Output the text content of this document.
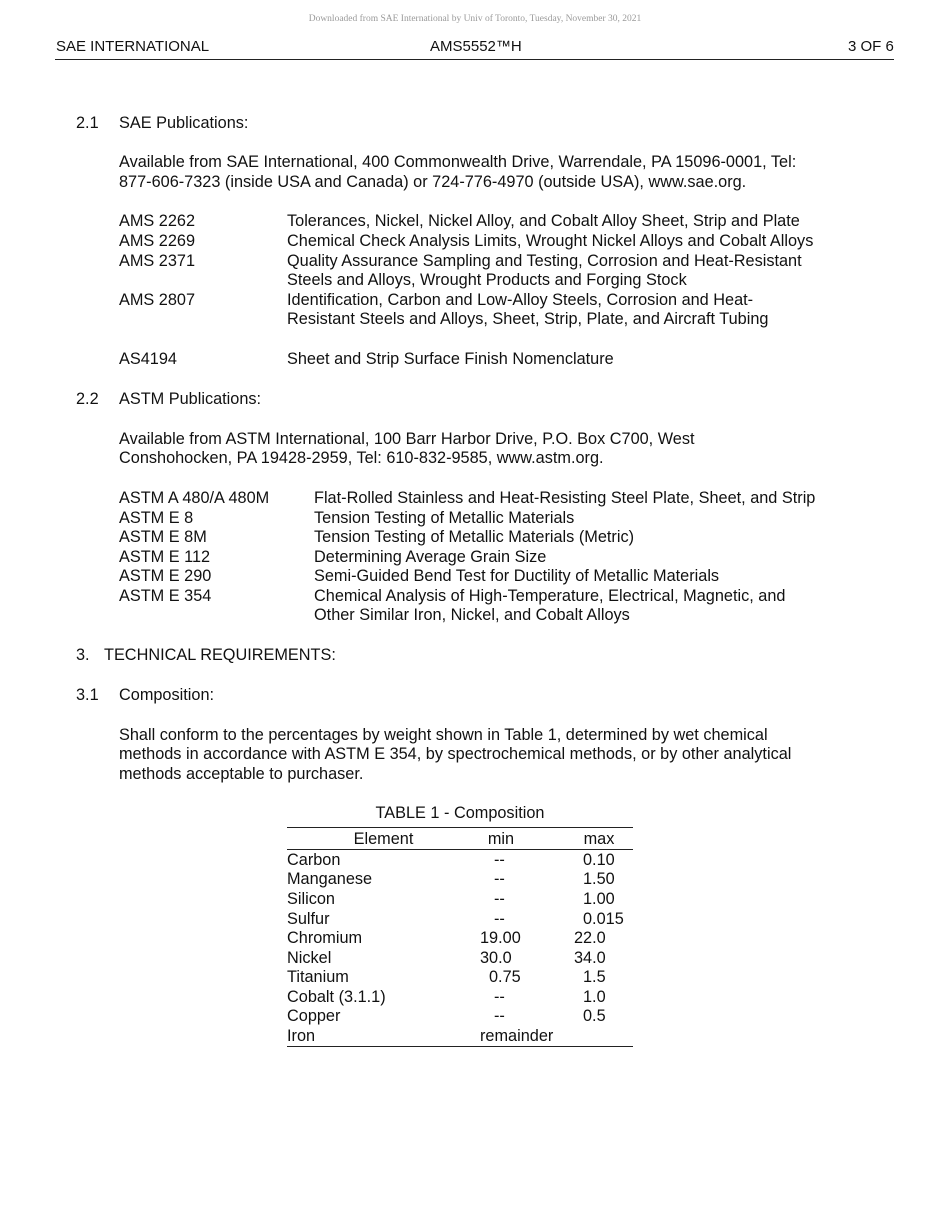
Downloaded from SAE International by Univ of Toronto, Tuesday, November 30, 2021
SAE INTERNATIONAL	AMS5552™H	3 OF 6
2.1 SAE Publications:
Available from SAE International, 400 Commonwealth Drive, Warrendale, PA 15096-0001, Tel:
877-606-7323 (inside USA and Canada) or 724-776-4970 (outside USA), www.sae.org.
AMS 2262	Tolerances, Nickel, Nickel Alloy, and Cobalt Alloy Sheet, Strip and Plate
AMS 2269	Chemical Check Analysis Limits, Wrought Nickel Alloys and Cobalt Alloys
AMS 2371	Quality Assurance Sampling and Testing, Corrosion and Heat-Resistant
Steels and Alloys, Wrought Products and Forging Stock
AMS 2807	Identification, Carbon and Low-Alloy Steels, Corrosion and Heat-
Resistant Steels and Alloys, Sheet, Strip, Plate, and Aircraft Tubing
AS4194	Sheet and Strip Surface Finish Nomenclature
2.2 ASTM Publications:
Available from ASTM International, 100 Barr Harbor Drive, P.O. Box C700, West
Conshohocken, PA 19428-2959, Tel: 610-832-9585, www.astm.org.
ASTM A 480/A 480M	Flat-Rolled Stainless and Heat-Resisting Steel Plate, Sheet, and Strip
ASTM E 8	Tension Testing of Metallic Materials
ASTM E 8M	Tension Testing of Metallic Materials (Metric)
ASTM E 112	Determining Average Grain Size
ASTM E 290	Semi-Guided Bend Test for Ductility of Metallic Materials
ASTM E 354	Chemical Analysis of High-Temperature, Electrical, Magnetic, and
Other Similar Iron, Nickel, and Cobalt Alloys
3. TECHNICAL REQUIREMENTS:
3.1 Composition:
Shall conform to the percentages by weight shown in Table 1, determined by wet chemical
methods in accordance with ASTM E 354, by spectrochemical methods, or by other analytical
methods acceptable to purchaser.
TABLE 1 - Composition
Element	min	max
Carbon	--	0.10
Manganese	--	1.50
Silicon	--	1.00
Sulfur	--	0.015
Chromium	19.00	22.0
Nickel	30.0	34.0
Titanium	0.75	1.5
Cobalt (3.1.1)	--	1.0
Copper	--	0.5
Iron	remainder
